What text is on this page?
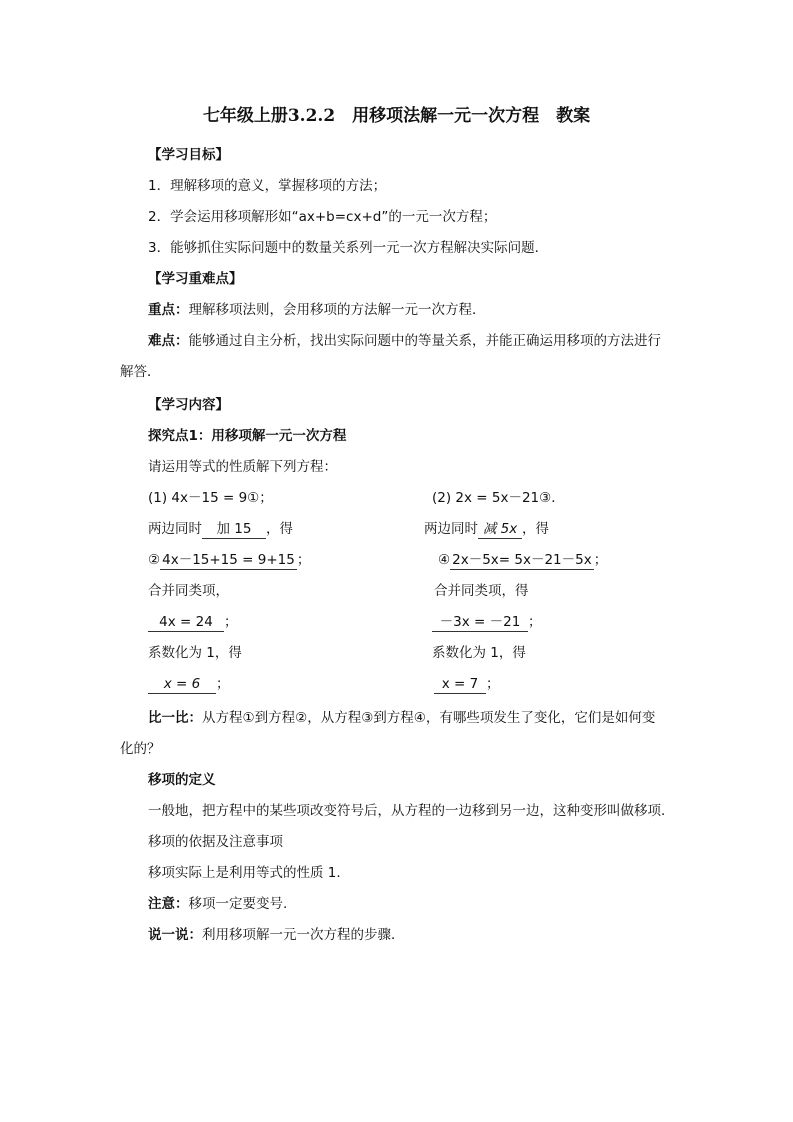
七年级上册3.2.2　用移项法解一元一次方程　教案
【学习目标】
1．理解移项的意义，掌握移项的方法；
2．学会运用移项解形如“ax+b=cx+d”的一元一次方程；
3．能够抓住实际问题中的数量关系列一元一次方程解决实际问题．
【学习重难点】
重点：理解移项法则，会用移项的方法解一元一次方程．
难点：能够通过自主分析，找出实际问题中的等量关系，并能正确运用移项的方法进行
解答．
【学习内容】
探究点1：用移项解一元一次方程
请运用等式的性质解下列方程：
(1) 4x－15 = 9①；
两边同时 加 15 ，得
② 4x－15+15 = 9+15 ；
合并同类项，
4x = 24 ；
系数化为 1，得
x = 6 ；
(2) 2x = 5x－21③．
两边同时 减 5x ，得
④ 2x－5x= 5x－21－5x ；
合并同类项，得
－3x = －21 ；
系数化为 1，得
x = 7 ；
比一比：从方程①到方程②，从方程③到方程④，有哪些项发生了变化，它们是如何变
化的？
移项的定义
一般地，把方程中的某些项改变符号后，从方程的一边移到另一边，这种变形叫做移项.
移项的依据及注意事项
移项实际上是利用等式的性质 1.
注意：移项一定要变号.
说一说：利用移项解一元一次方程的步骤．
